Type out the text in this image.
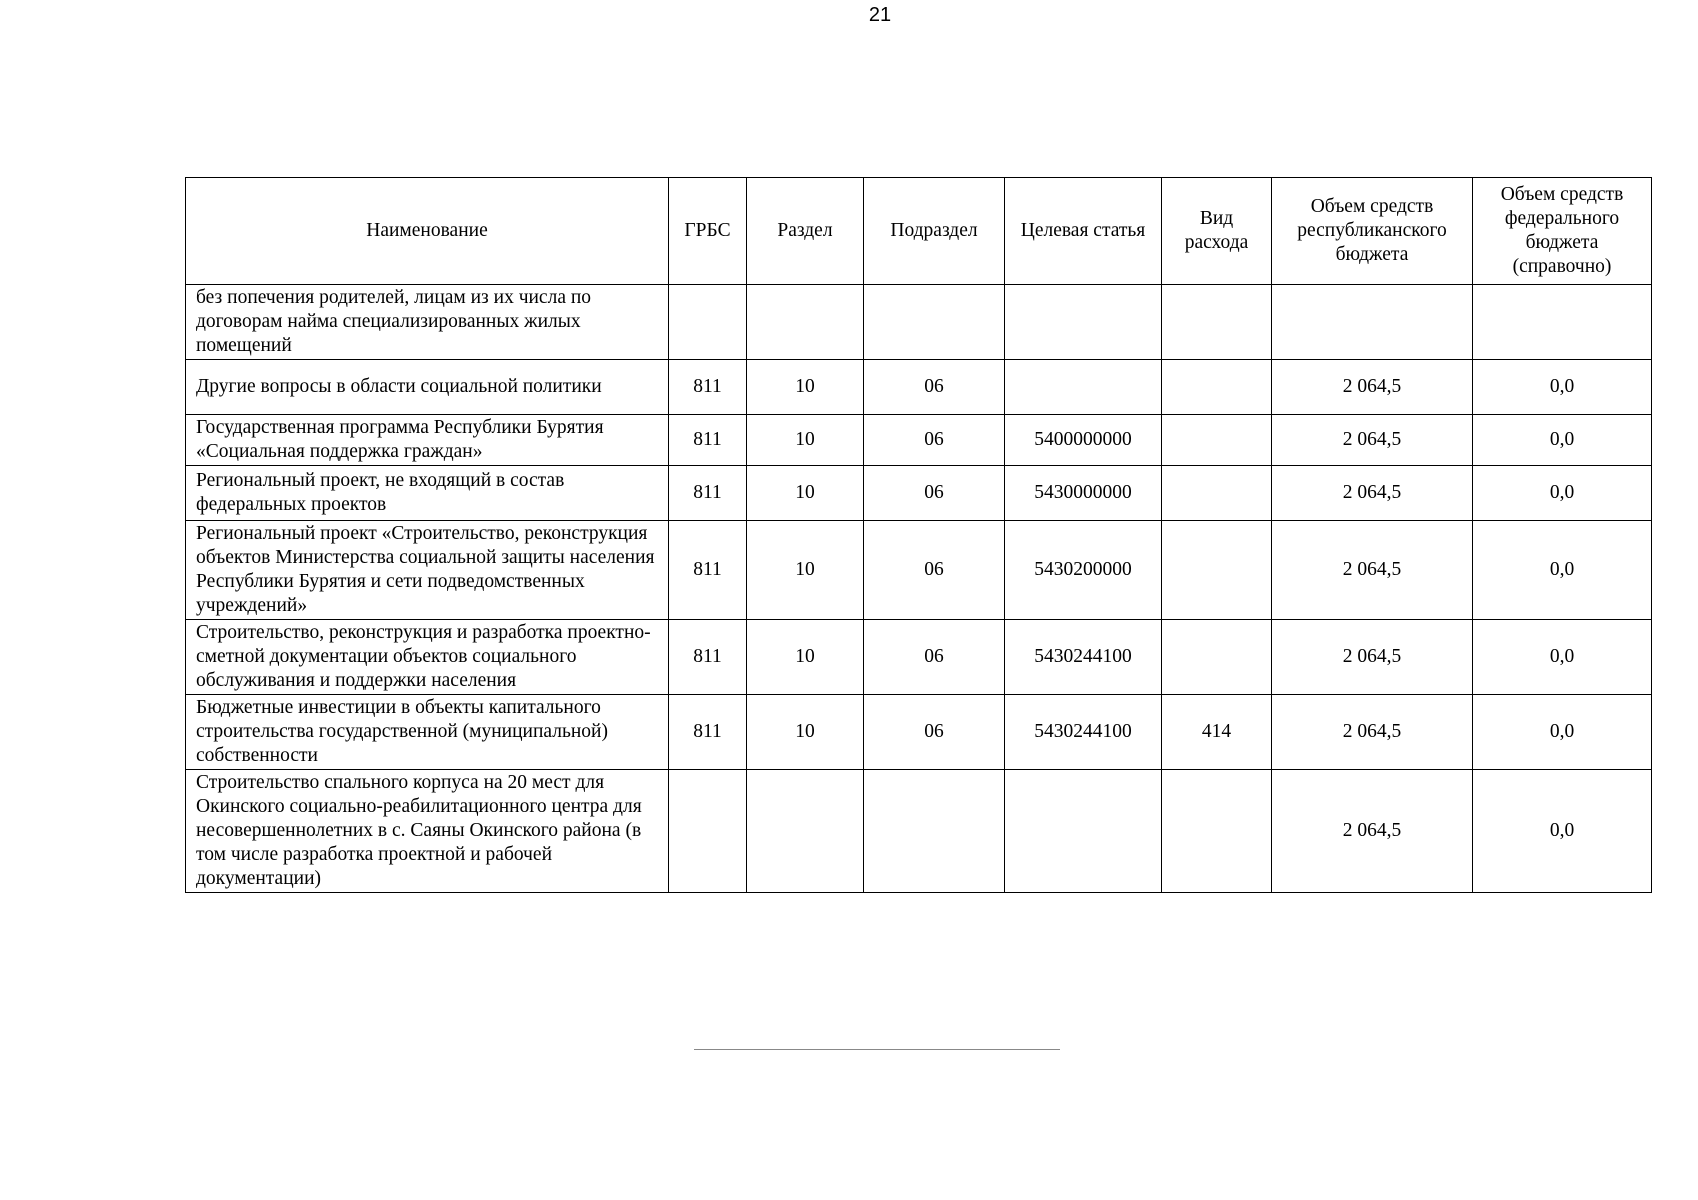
21
Наименование	ГРБС	Раздел	Подраздел	Целевая статья	Вид расхода	Объем средств республиканского бюджета	Объем средств федерального бюджета (справочно)
без попечения родителей, лицам из их числа по договорам найма специализированных жилых помещений							
Другие вопросы в области социальной политики	811	10	06			2 064,5	0,0
Государственная программа Республики Бурятия «Социальная поддержка граждан»	811	10	06	5400000000		2 064,5	0,0
Региональный проект, не входящий в состав федеральных проектов	811	10	06	5430000000		2 064,5	0,0
Региональный проект «Строительство, реконструкция объектов Министерства социальной защиты населения Республики Бурятия и сети подведомственных учреждений»	811	10	06	5430200000		2 064,5	0,0
Строительство, реконструкция и разработка проектно-сметной документации объектов социального обслуживания и поддержки населения	811	10	06	5430244100		2 064,5	0,0
Бюджетные инвестиции в объекты капитального строительства государственной (муниципальной) собственности	811	10	06	5430244100	414	2 064,5	0,0
Строительство спального корпуса на 20 мест для Окинского социально-реабилитационного центра для несовершеннолетних в с. Саяны Окинского района (в том числе разработка проектной и рабочей документации)						2 064,5	0,0
